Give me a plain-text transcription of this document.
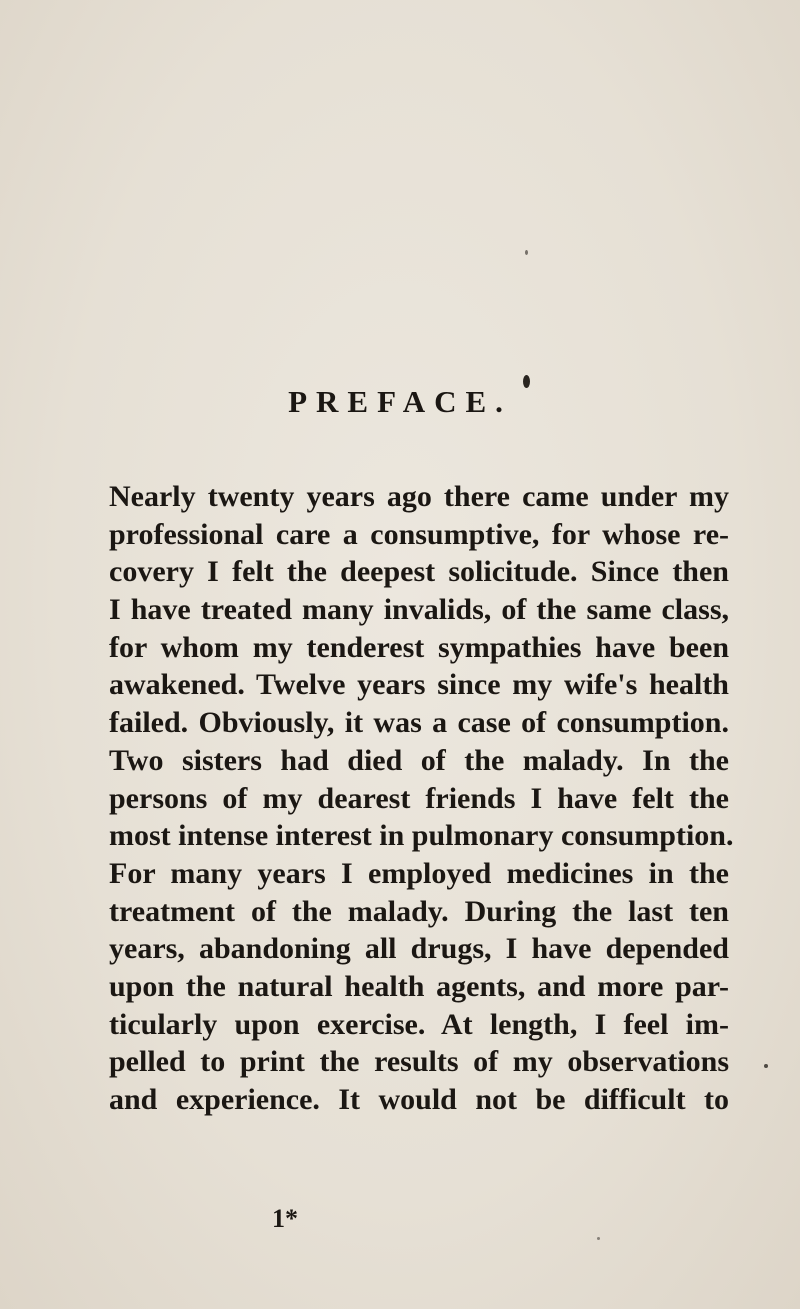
PREFACE.
Nearly twenty years ago there came under my
professional care a consumptive, for whose re-
covery I felt the deepest solicitude. Since then
I have treated many invalids, of the same class,
for whom my tenderest sympathies have been
awakened. Twelve years since my wife's health
failed. Obviously, it was a case of consumption.
Two sisters had died of the malady. In the
persons of my dearest friends I have felt the
most intense interest in pulmonary consumption.
For many years I employed medicines in the
treatment of the malady. During the last ten
years, abandoning all drugs, I have depended
upon the natural health agents, and more par-
ticularly upon exercise. At length, I feel im-
pelled to print the results of my observations
and experience. It would not be difficult to
1*
